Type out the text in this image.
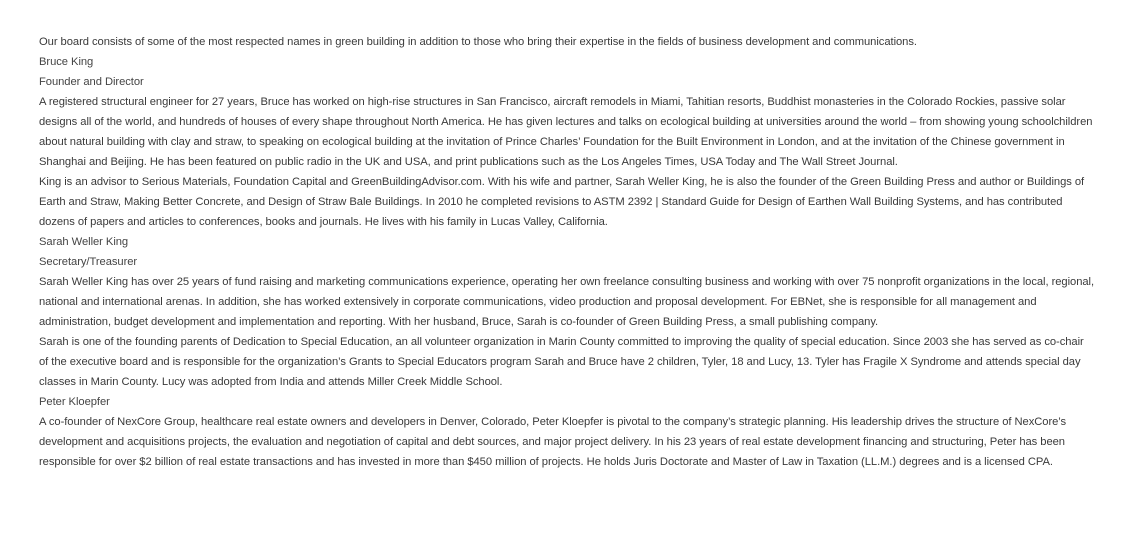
Our board consists of some of the most respected names in green building in addition to those who bring their expertise in the fields of business development and communications.

Bruce King

Founder and Director

A registered structural engineer for 27 years, Bruce has worked on high-rise structures in San Francisco, aircraft remodels in Miami, Tahitian resorts, Buddhist monasteries in the Colorado Rockies, passive solar designs all of the world, and hundreds of houses of every shape throughout North America. He has given lectures and talks on ecological building at universities around the world – from showing young schoolchildren about natural building with clay and straw, to speaking on ecological building at the invitation of Prince Charles’ Foundation for the Built Environment in London, and at the invitation of the Chinese government in Shanghai and Beijing. He has been featured on public radio in the UK and USA, and print publications such as the Los Angeles Times, USA Today and The Wall Street Journal.

King is an advisor to Serious Materials, Foundation Capital and GreenBuildingAdvisor.com. With his wife and partner, Sarah Weller King, he is also the founder of the Green Building Press and author or Buildings of Earth and Straw, Making Better Concrete, and Design of Straw Bale Buildings. In 2010 he completed revisions to ASTM 2392 | Standard Guide for Design of Earthen Wall Building Systems, and has contributed dozens of papers and articles to conferences, books and journals. He lives with his family in Lucas Valley, California.

Sarah Weller King

Secretary/Treasurer

Sarah Weller King has over 25 years of fund raising and marketing communications experience, operating her own freelance consulting business and working with over 75 nonprofit organizations in the local, regional, national and international arenas. In addition, she has worked extensively in corporate communications, video production and proposal development. For EBNet, she is responsible for all management and administration, budget development and implementation and reporting. With her husband, Bruce, Sarah is co-founder of Green Building Press, a small publishing company.

Sarah is one of the founding parents of Dedication to Special Education, an all volunteer organization in Marin County committed to improving the quality of special education. Since 2003 she has served as co-chair of the executive board and is responsible for the organization’s Grants to Special Educators program Sarah and Bruce have 2 children, Tyler, 18 and Lucy, 13. Tyler has Fragile X Syndrome and attends special day classes in Marin County. Lucy was adopted from India and attends Miller Creek Middle School.

Peter Kloepfer

A co-founder of NexCore Group, healthcare real estate owners and developers in Denver, Colorado, Peter Kloepfer is pivotal to the company’s strategic planning. His leadership drives the structure of NexCore’s development and acquisitions projects, the evaluation and negotiation of capital and debt sources, and major project delivery. In his 23 years of real estate development financing and structuring, Peter has been responsible for over $2 billion of real estate transactions and has invested in more than $450 million of projects. He holds Juris Doctorate and Master of Law in Taxation (LL.M.) degrees and is a licensed CPA.
